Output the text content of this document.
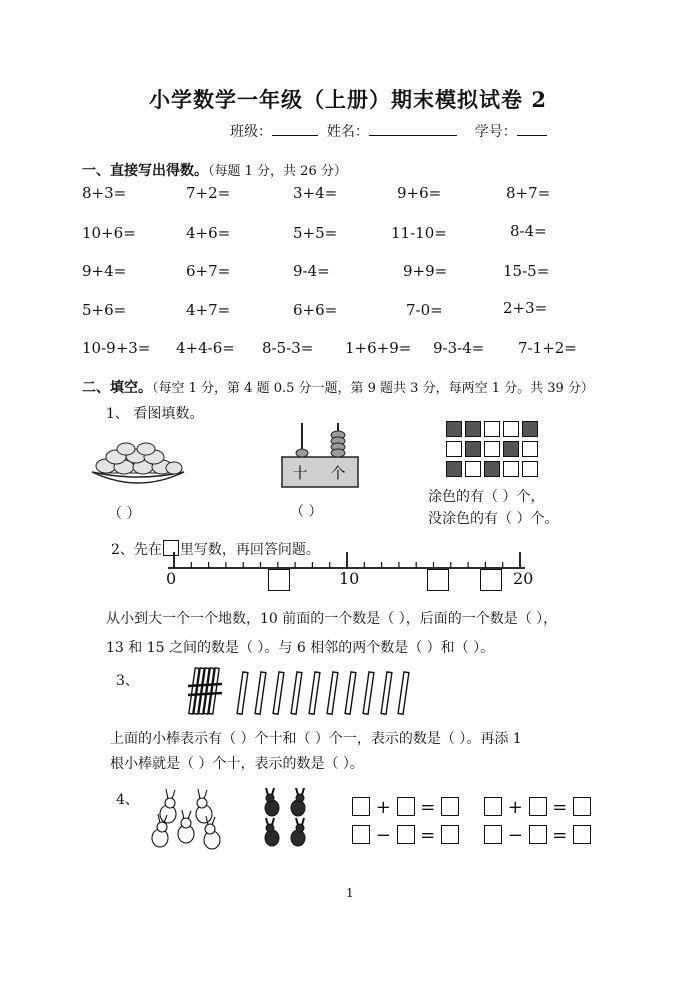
小学数学一年级（上册）期末模拟试卷 2
班级：	姓名：	学号：
一、直接写出得数。（每题 1 分，共 26 分）
8+3=	7+2=	3+4=	9+6=	8+7=
10+6=	4+6=	5+5=	11-10=	8-4=
9+4=	6+7=	9-4=	9+9=	15-5=
5+6=	4+7=	6+6=	7-0=	2+3=
10-9+3= 4+4-6= 8-5-3= 1+6+9= 9-3-4= 7-1+2=
二、填空。（每空 1 分，第 4 题 0.5 分一题，第 9 题共 3 分，每两空 1 分。共 39 分）
1、 看图填数。
（ ）
十 个
（ ）
涂色的有（ ）个，
没涂色的有（ ）个。
2、先在 里写数，再回答问题。
0	10	20
从小到大一个一个地数，10 前面的一个数是（ ），后面的一个数是（ ），
13 和 15 之间的数是（ ）。与 6 相邻的两个数是（ ）和（ ）。
3、
上面的小棒表示有（ ）个十和（ ）个一，表示的数是（ ）。再添 1
根小棒就是（ ）个十，表示的数是（ ）。
4、	+ =	+ =
− =	− =
1
